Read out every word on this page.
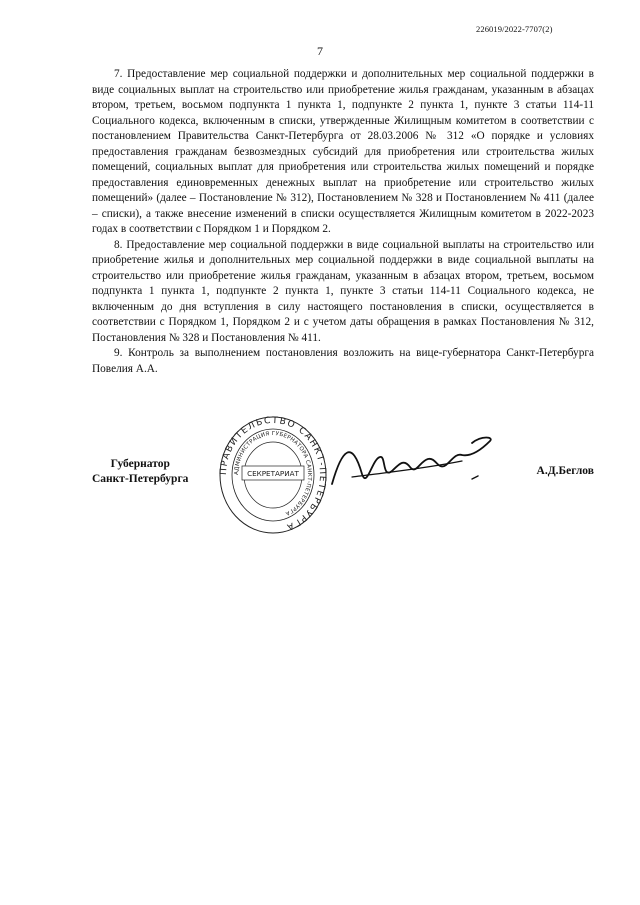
226019/2022-7707(2)
7

7. Предоставление мер социальной поддержки и дополнительных мер социальной поддержки в виде социальных выплат на строительство или приобретение жилья гражданам, указанным в абзацах втором, третьем, восьмом подпункта 1 пункта 1, подпункте 2 пункта 1, пункте 3 статьи 114-11 Социального кодекса, включенным в списки, утвержденные Жилищным комитетом в соответствии с постановлением Правительства Санкт-Петербурга от 28.03.2006 № 312 «О порядке и условиях предоставления гражданам безвозмездных субсидий для приобретения или строительства жилых помещений, социальных выплат для приобретения или строительства жилых помещений и порядке предоставления единовременных денежных выплат на приобретение или строительство жилых помещений» (далее – Постановление № 312), Постановлением № 328 и Постановлением № 411 (далее – списки), а также внесение изменений в списки осуществляется Жилищным комитетом в 2022-2023 годах в соответствии с Порядком 1 и Порядком 2.

8. Предоставление мер социальной поддержки в виде социальной выплаты на строительство или приобретение жилья и дополнительных мер социальной поддержки в виде социальной выплаты на строительство или приобретение жилья гражданам, указанным в абзацах втором, третьем, восьмом подпункта 1 пункта 1, подпункте 2 пункта 1, пункте 3 статьи 114-11 Социального кодекса, не включенным до дня вступления в силу настоящего постановления в списки, осуществляется в соответствии с Порядком 1, Порядком 2 и с учетом даты обращения в рамках Постановления № 312, Постановления № 328 и Постановления № 411.

9. Контроль за выполнением постановления возложить на вице-губернатора Санкт-Петербурга Повелия А.А.

Губернатор
Санкт-Петербурга
ПРАВИТЕЛЬСТВО САНКТ-ПЕТЕРБУРГА
АДМИНИСТРАЦИЯ ГУБЕРНАТОРА САНКТ-ПЕТЕРБУРГА
СЕКРЕТАРИАТ	А.Д.Беглов
